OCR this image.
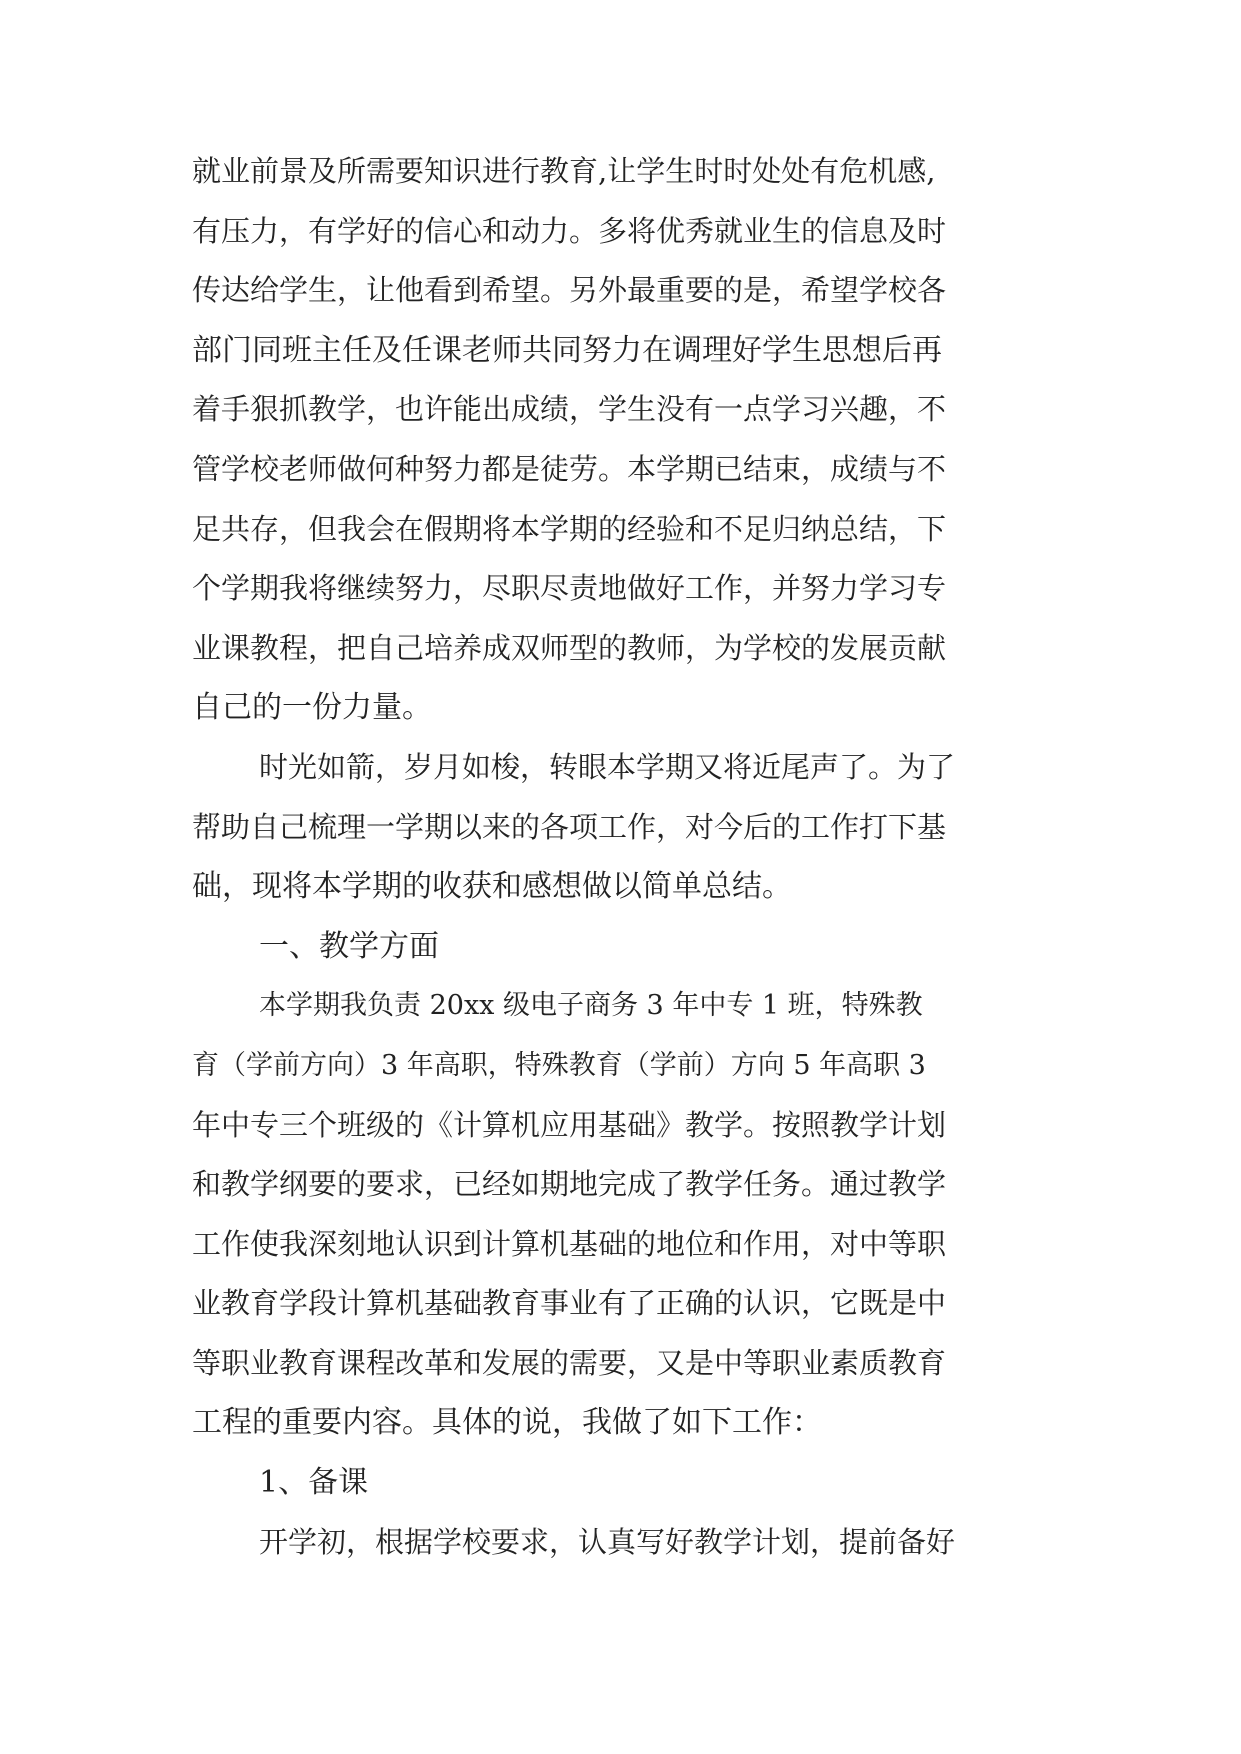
就业前景及所需要知识进行教育,让学生时时处处有危机感,
有压力，有学好的信心和动力。多将优秀就业生的信息及时
传达给学生，让他看到希望。另外最重要的是，希望学校各
部门同班主任及任课老师共同努力在调理好学生思想后再
着手狠抓教学，也许能出成绩，学生没有一点学习兴趣，不
管学校老师做何种努力都是徒劳。本学期已结束，成绩与不
足共存，但我会在假期将本学期的经验和不足归纳总结，下
个学期我将继续努力，尽职尽责地做好工作，并努力学习专
业课教程，把自己培养成双师型的教师，为学校的发展贡献
自己的一份力量。
时光如箭，岁月如梭，转眼本学期又将近尾声了。为了
帮助自己梳理一学期以来的各项工作，对今后的工作打下基
础，现将本学期的收获和感想做以简单总结。
一、教学方面
本学期我负责 20xx 级电子商务 3 年中专 1 班，特殊教
育（学前方向）3 年高职，特殊教育（学前）方向 5 年高职 3
年中专三个班级的《计算机应用基础》教学。按照教学计划
和教学纲要的要求，已经如期地完成了教学任务。通过教学
工作使我深刻地认识到计算机基础的地位和作用，对中等职
业教育学段计算机基础教育事业有了正确的认识，它既是中
等职业教育课程改革和发展的需要，又是中等职业素质教育
工程的重要内容。具体的说，我做了如下工作：
1、备课
开学初，根据学校要求，认真写好教学计划，提前备好
